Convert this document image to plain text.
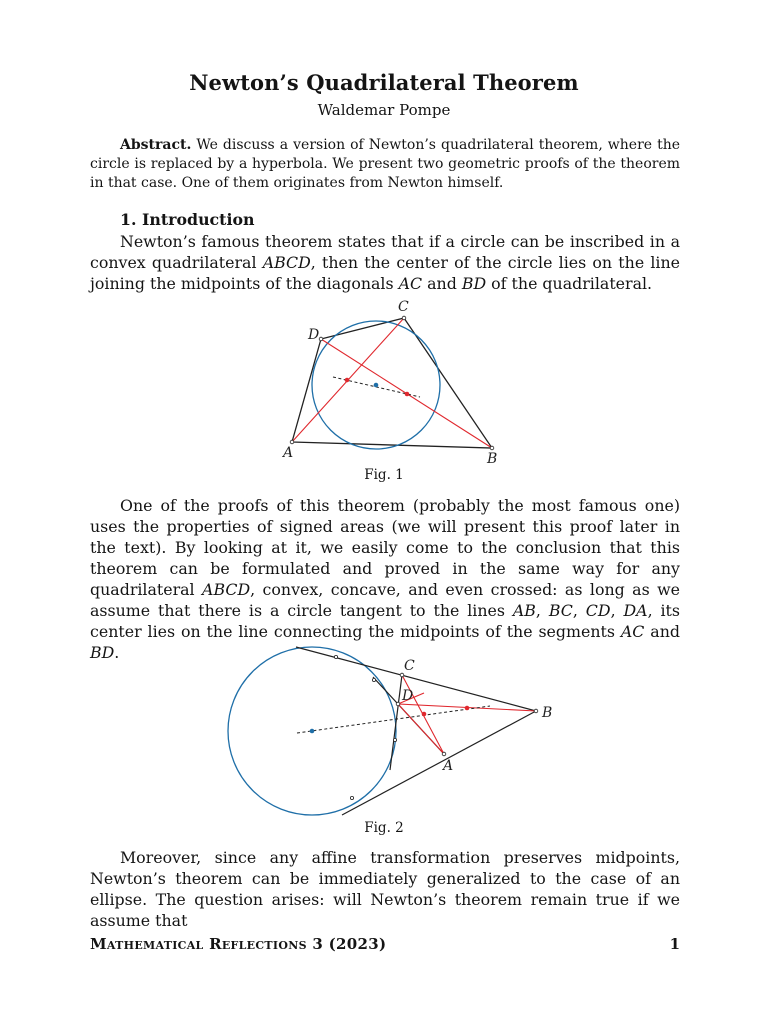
Newton’s Quadrilateral Theorem
Waldemar Pompe
Abstract. We discuss a version of Newton’s quadrilateral theorem, where the circle is replaced by a hyperbola. We present two geometric proofs of the theorem in that case. One of them originates from Newton himself.
1. Introduction
Newton’s famous theorem states that if a circle can be inscribed in a convex quadrilateral ABCD, then the center of the circle lies on the line joining the midpoints of the diagonals AC and BD of the quadrilateral.
A	B
C
D
Fig. 1
One of the proofs of this theorem (probably the most famous one) uses the properties of signed areas (we will present this proof later in the text). By looking at it, we easily come to the conclusion that this theorem can be formulated and proved in the same way for any quadrilateral ABCD, convex, concave, and even crossed: as long as we assume that there is a circle tangent to the lines AB, BC, CD, DA, its center lies on the line connecting the midpoints of the segments AC and BD.
A
B
C
D
Fig. 2
Moreover, since any affine transformation preserves midpoints, Newton’s theorem can be immediately generalized to the case of an ellipse. The question arises: will Newton’s theorem remain true if we assume that
Mathematical Reflections 3 (2023)	1
